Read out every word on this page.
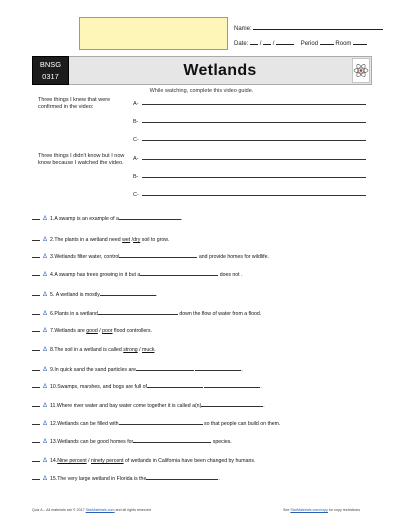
Name:
Date: / /	Period	Room
BNSG
0317	Wetlands
While watching, complete this video guide.
Three things I knew that were confirmed in the video:	A-
B-
C-
Three things I didn't know but I now know because I watched the video.
A-
B-
C-
Δ 1.A swamp is an example of a	.
Δ 2.The plants in a wetland need wet /dry soil to grow.
Δ 3.Wetlands filter water, control	and provide homes for wildlife.
Δ 4.A swamp has trees growing in it but a	does not .
Δ 5. A wetland is mostly	.
Δ 6.Plants in a wetland	down the flow of water from a flood.
Δ 7.Wetlands are good / poor flood controllers.
Δ 8.The soil in a wetland is called strong / muck.
Δ 9.In quick sand the sand particles are	.
Δ 10.Swamps, marshes, and bogs are full of	.
Δ 11.Where river water and bay water come together it is called a(n)	.
Δ 12.Wetlands can be filled with	so that people can build on them.
Δ 13.Wetlands can be good homes for	species.
Δ 14.Nine percent / ninety percent of wetlands in California have been changed by humans.
Δ 15.The very large wetland in Florida is the	.
Quiz A – All materials are © 2017 StarMaterials.com and all rights reserved	See StarMaterials.com/copy for copy restrictions
